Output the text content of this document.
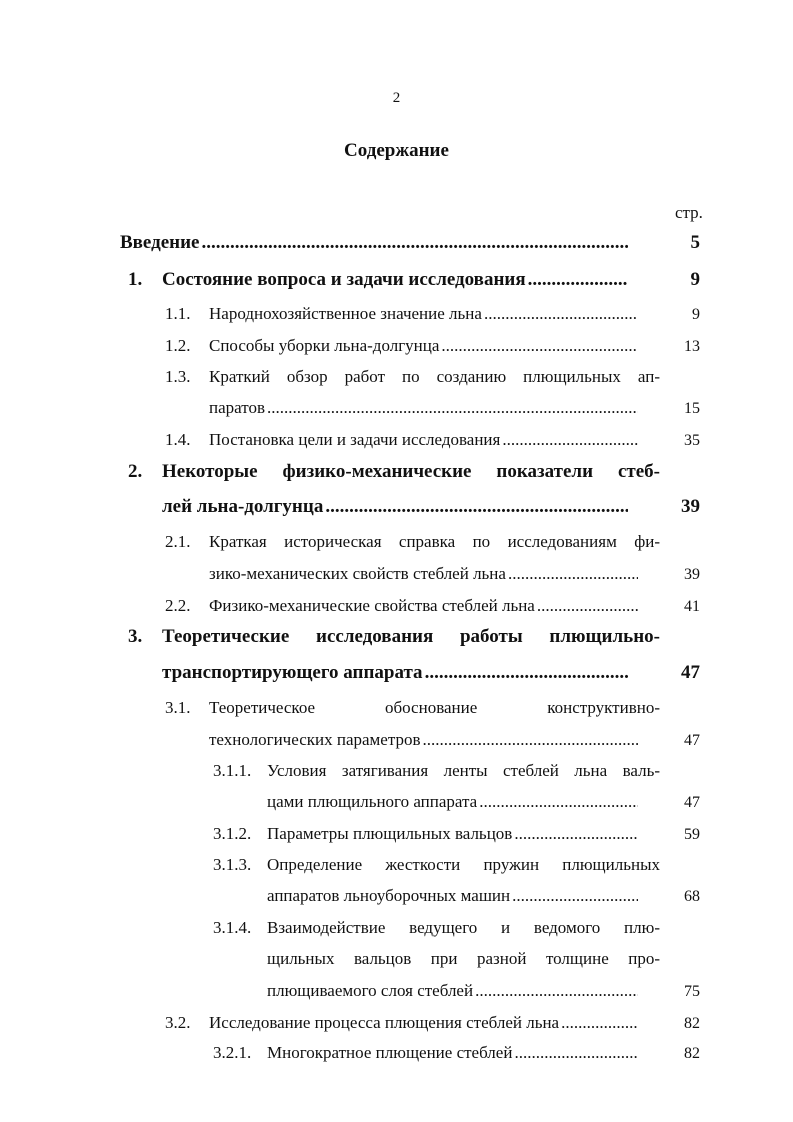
2
Содержание
стр.
Введение .....	5
1.	Состояние вопроса и задачи исследования .....	9
1.1.	Народнохозяйственное значение льна .....	9
1.2.	Способы уборки льна-долгунца .....	13
1.3.	Краткий обзор работ по созданию плющильных ап-
паратов .....	15
1.4.	Постановка цели и задачи исследования .....	35
2.	Некоторые физико-механические показатели стеб-
лей льна-долгунца .....	39
2.1.	Краткая историческая справка по исследованиям фи-
зико-механических свойств стеблей льна .....	39
2.2.	Физико-механические свойства стеблей льна .....	41
3.	Теоретические исследования работы плющильно-
транспортирующего аппарата .....	47
3.1.	Теоретическое обоснование конструктивно-
технологических параметров .....	47
3.1.1. Условия затягивания ленты стеблей льна валь-
цами плющильного аппарата .....	47
3.1.2. Параметры плющильных вальцов .....	59
3.1.3. Определение жесткости пружин плющильных
аппаратов льноуборочных машин .....	68
3.1.4. Взаимодействие ведущего и ведомого плю-
щильных вальцов при разной толщине про-
плющиваемого слоя стеблей .....	75
3.2.	Исследование процесса плющения стеблей льна .....	82
3.2.1. Многократное плющение стеблей .....	82
